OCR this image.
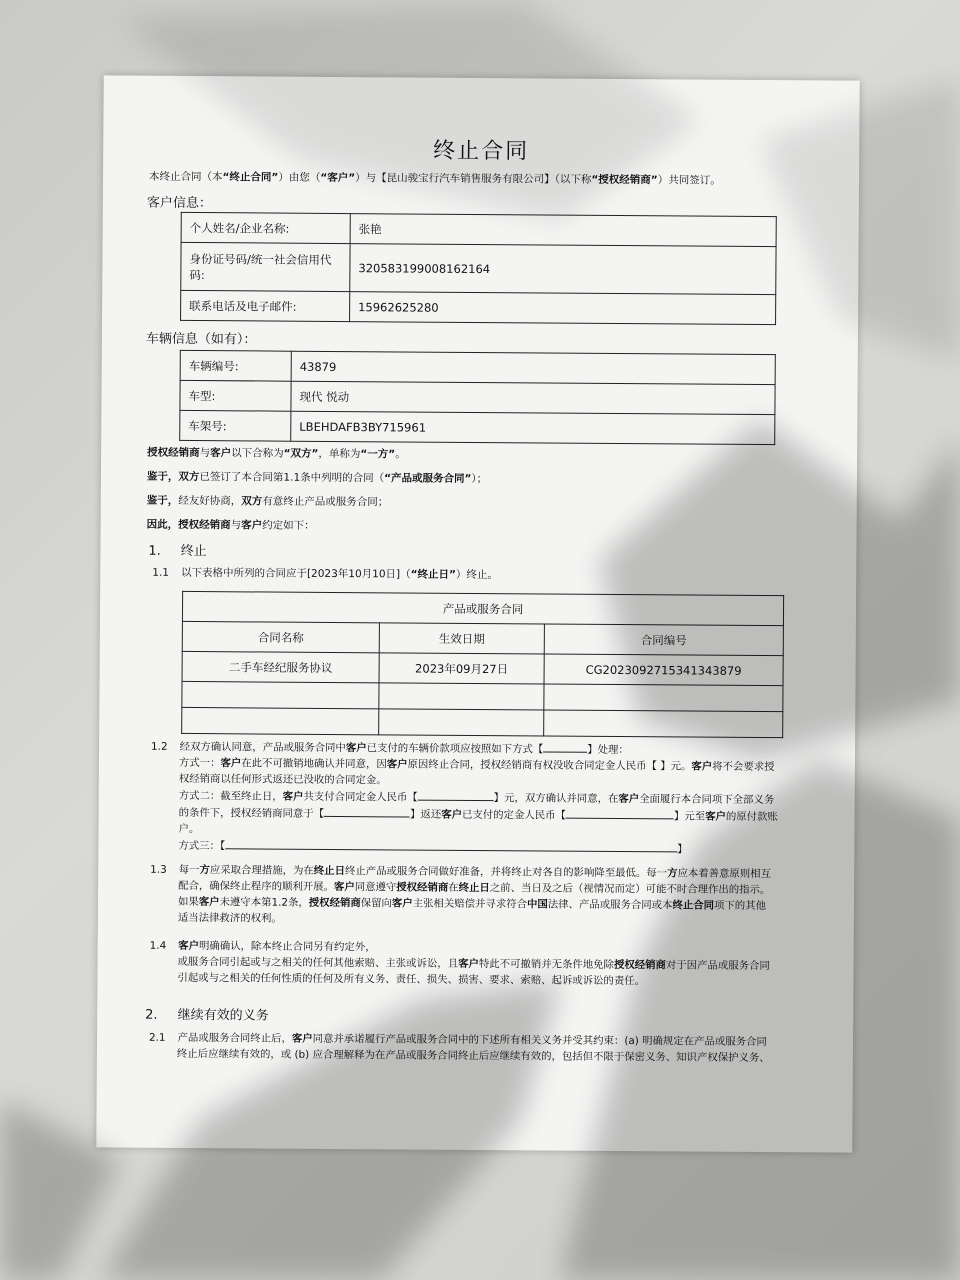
终止合同
本终止合同（本“终止合同”）由您（“客户”）与【昆山骏宝行汽车销售服务有限公司】（以下称“授权经销商”）共同签订。
客户信息：
个人姓名/企业名称:	张艳
身份证号码/统一社会信用代码:	320583199008162164
联系电话及电子邮件:	15962625280
车辆信息（如有）：
车辆编号:	43879
车型:	现代 悦动
车架号:	LBEHDAFB3BY715961
授权经销商与客户以下合称为“双方”，单称为“一方”。
鉴于，双方已签订了本合同第1.1条中列明的合同（“产品或服务合同”）；
鉴于，经友好协商，双方有意终止产品或服务合同；
因此，授权经销商与客户约定如下：
1. 终止
1.1 以下表格中所列的合同应于[2023年10月10日]（“终止日”）终止。
产品或服务合同		
合同名称	生效日期	合同编号
二手车经纪服务协议	2023年09月27日	CG2023092715341343879

1.2 经双方确认同意，产品或服务合同中客户已支付的车辆价款项应按照如下方式【	】处理：
方式一：客户在此不可撤销地确认并同意，因客户原因终止合同，授权经销商有权没收合同定金人民币【 】元。客户将不会要求授
权经销商以任何形式返还已没收的合同定金。
方式二：截至终止日，客户共支付合同定金人民币【	】元，双方确认并同意，在客户全面履行本合同项下全部义务
的条件下，授权经销商同意于【	】返还客户已支付的定金人民币【	】元至客户的原付款账
户。
方式三：【	】
1.3 每一方应采取合理措施，为在终止日终止产品或服务合同做好准备，并将终止对各自的影响降至最低。每一方应本着善意原则相互
配合，确保终止程序的顺利开展。客户同意遵守授权经销商在终止日之前、当日及之后（视情况而定）可能不时合理作出的指示。
如果客户未遵守本第1.2条，授权经销商保留向客户主张相关赔偿并寻求符合中国法律、产品或服务合同或本终止合同项下的其他
适当法律救济的权利。
1.4 客户明确确认，除本终止合同另有约定外，
或服务合同引起或与之相关的任何其他索赔、主张或诉讼，且客户特此不可撤销并无条件地免除授权经销商对于因产品或服务合同
引起或与之相关的任何性质的任何及所有义务、责任、损失、损害、要求、索赔、起诉或诉讼的责任。
2. 继续有效的义务
2.1 产品或服务合同终止后，客户同意并承诺履行产品或服务合同中的下述所有相关义务并受其约束：(a) 明确规定在产品或服务合同
终止后应继续有效的，或 (b) 应合理解释为在产品或服务合同终止后应继续有效的，包括但不限于保密义务、知识产权保护义务、
